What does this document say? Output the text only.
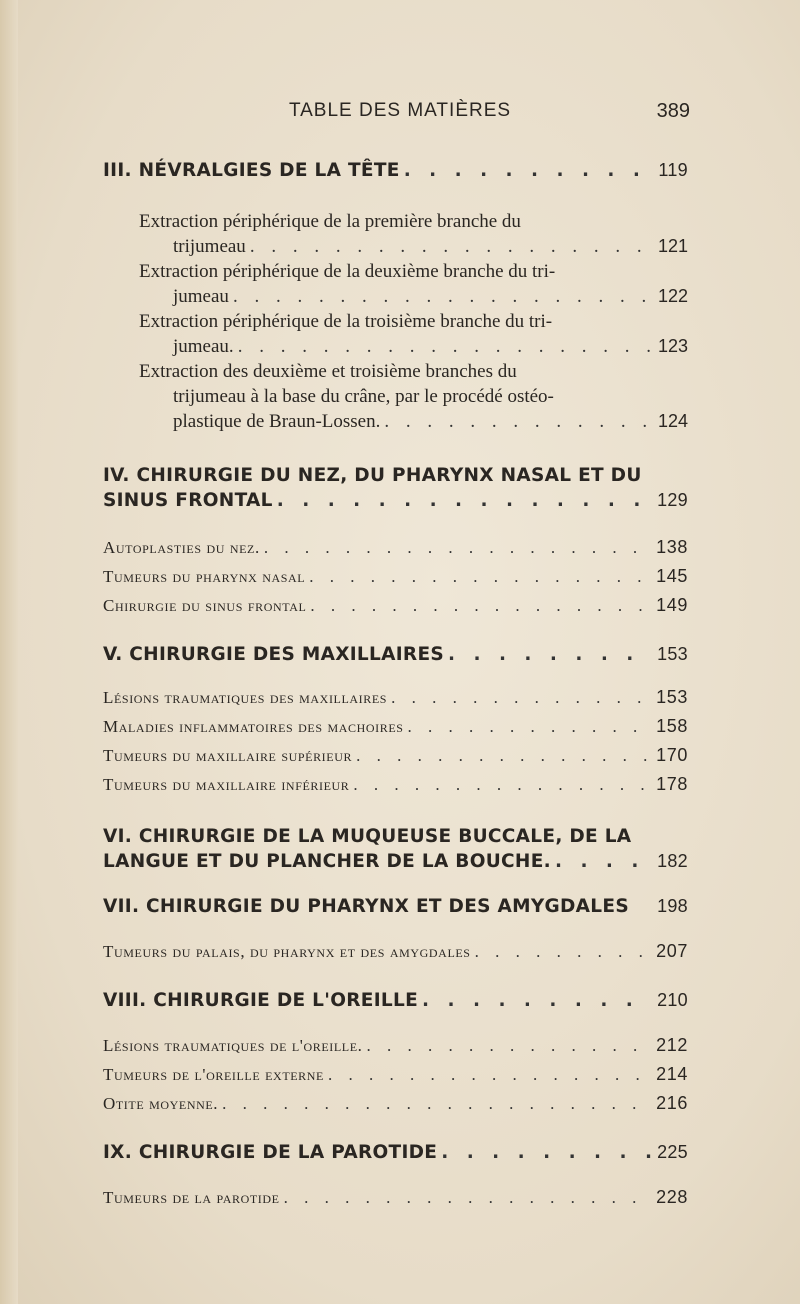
TABLE DES MATIÈRES	389
III. NÉVRALGIES DE LA TÊTE . . .	119
Extraction périphérique de la première branche du
trijumeau . . .	121
Extraction périphérique de la deuxième branche du tri-
jumeau . . .	122
Extraction périphérique de la troisième branche du tri-
jumeau. . . .	123
Extraction des deuxième et troisième branches du
trijumeau à la base du crâne, par le procédé ostéo-
plastique de Braun-Lossen. . . .	124
IV. CHIRURGIE DU NEZ, DU PHARYNX NASAL ET DU
SINUS FRONTAL . . .	129
Autoplasties du nez. . . .	138
Tumeurs du pharynx nasal . . .	145
Chirurgie du sinus frontal . . .	149
V. CHIRURGIE DES MAXILLAIRES . . .	153
Lésions traumatiques des maxillaires . . .	153
Maladies inflammatoires des machoires . . .	158
Tumeurs du maxillaire supérieur . . .	170
Tumeurs du maxillaire inférieur . . .	178
VI. CHIRURGIE DE LA MUQUEUSE BUCCALE, DE LA
LANGUE ET DU PLANCHER DE LA BOUCHE. . . .	182
VII. CHIRURGIE DU PHARYNX ET DES AMYGDALES	198
Tumeurs du palais, du pharynx et des amygdales . . .	207
VIII. CHIRURGIE DE L'OREILLE . . .	210
Lésions traumatiques de l'oreille. . . .	212
Tumeurs de l'oreille externe . . .	214
Otite moyenne. . . .	216
IX. CHIRURGIE DE LA PAROTIDE . . .	225
Tumeurs de la parotide . . .	228
